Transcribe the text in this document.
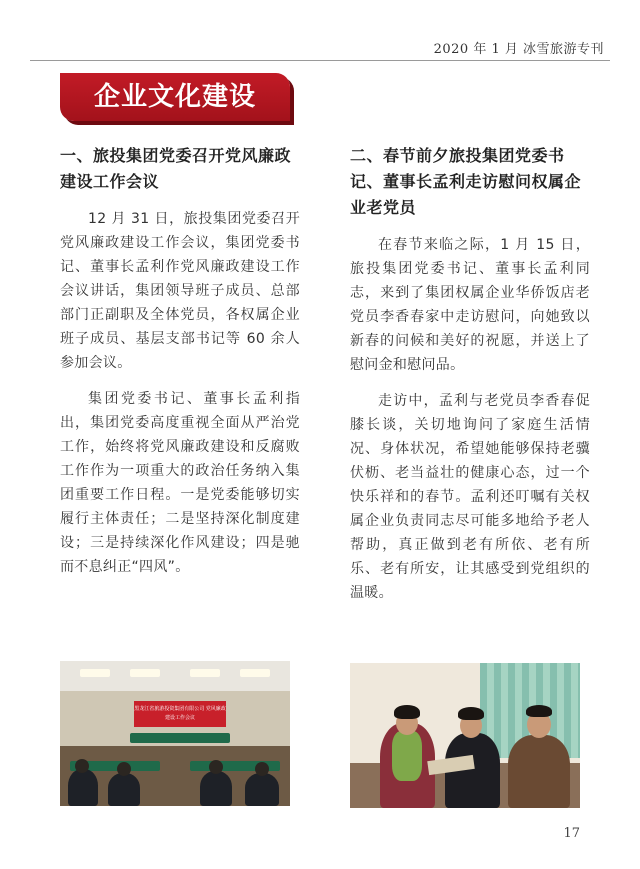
2020 年 1 月 冰雪旅游专刊
企业文化建设
一、旅投集团党委召开党风廉政建设工作会议

12 月 31 日，旅投集团党委召开党风廉政建设工作会议，集团党委书记、董事长孟利作党风廉政建设工作会议讲话，集团领导班子成员、总部部门正副职及全体党员，各权属企业班子成员、基层支部书记等 60 余人参加会议。

集团党委书记、董事长孟利指出，集团党委高度重视全面从严治党工作，始终将党风廉政建设和反腐败工作作为一项重大的政治任务纳入集团重要工作日程。一是党委能够切实履行主体责任；二是坚持深化制度建设；三是持续深化作风建设；四是驰而不息纠正“四风”。

二、春节前夕旅投集团党委书记、董事长孟利走访慰问权属企业老党员

在春节来临之际，1 月 15 日，旅投集团党委书记、董事长孟利同志，来到了集团权属企业华侨饭店老党员李香春家中走访慰问，向她致以新春的问候和美好的祝愿，并送上了慰问金和慰问品。

走访中，孟利与老党员李香春促膝长谈，关切地询问了家庭生活情况、身体状况，希望她能够保持老骥伏枥、老当益壮的健康心态，过一个快乐祥和的春节。孟利还叮嘱有关权属企业负责同志尽可能多地给予老人帮助，真正做到老有所依、老有所乐、老有所安，让其感受到党组织的温暖。

黑龙江省旅游投资集团有限公司 党风廉政建设工作会议
17
